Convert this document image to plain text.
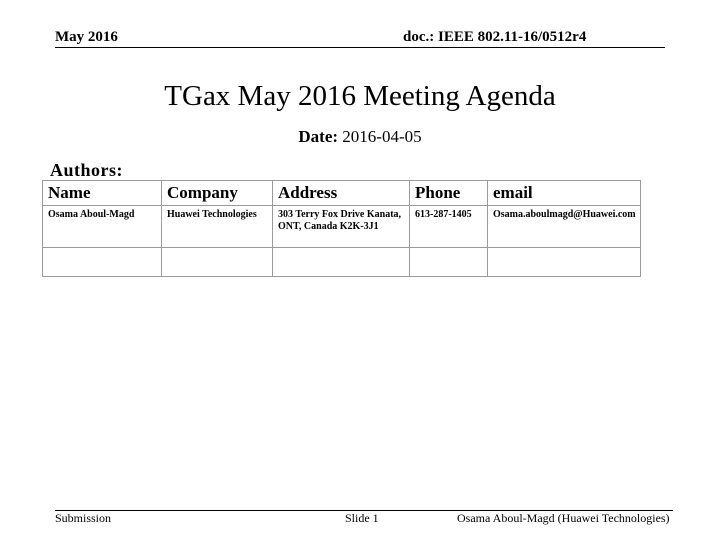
May 2016	doc.: IEEE 802.11-16/0512r4
TGax May 2016 Meeting Agenda
Date: 2016-04-05
Authors:
Name	Company	Address	Phone	email
Osama Aboul-Magd	Huawei Technologies	303 Terry Fox Drive Kanata, ONT, Canada K2K-3J1	613-287-1405	Osama.aboulmagd@Huawei.com

Submission	Slide 1	Osama Aboul-Magd (Huawei Technologies)
